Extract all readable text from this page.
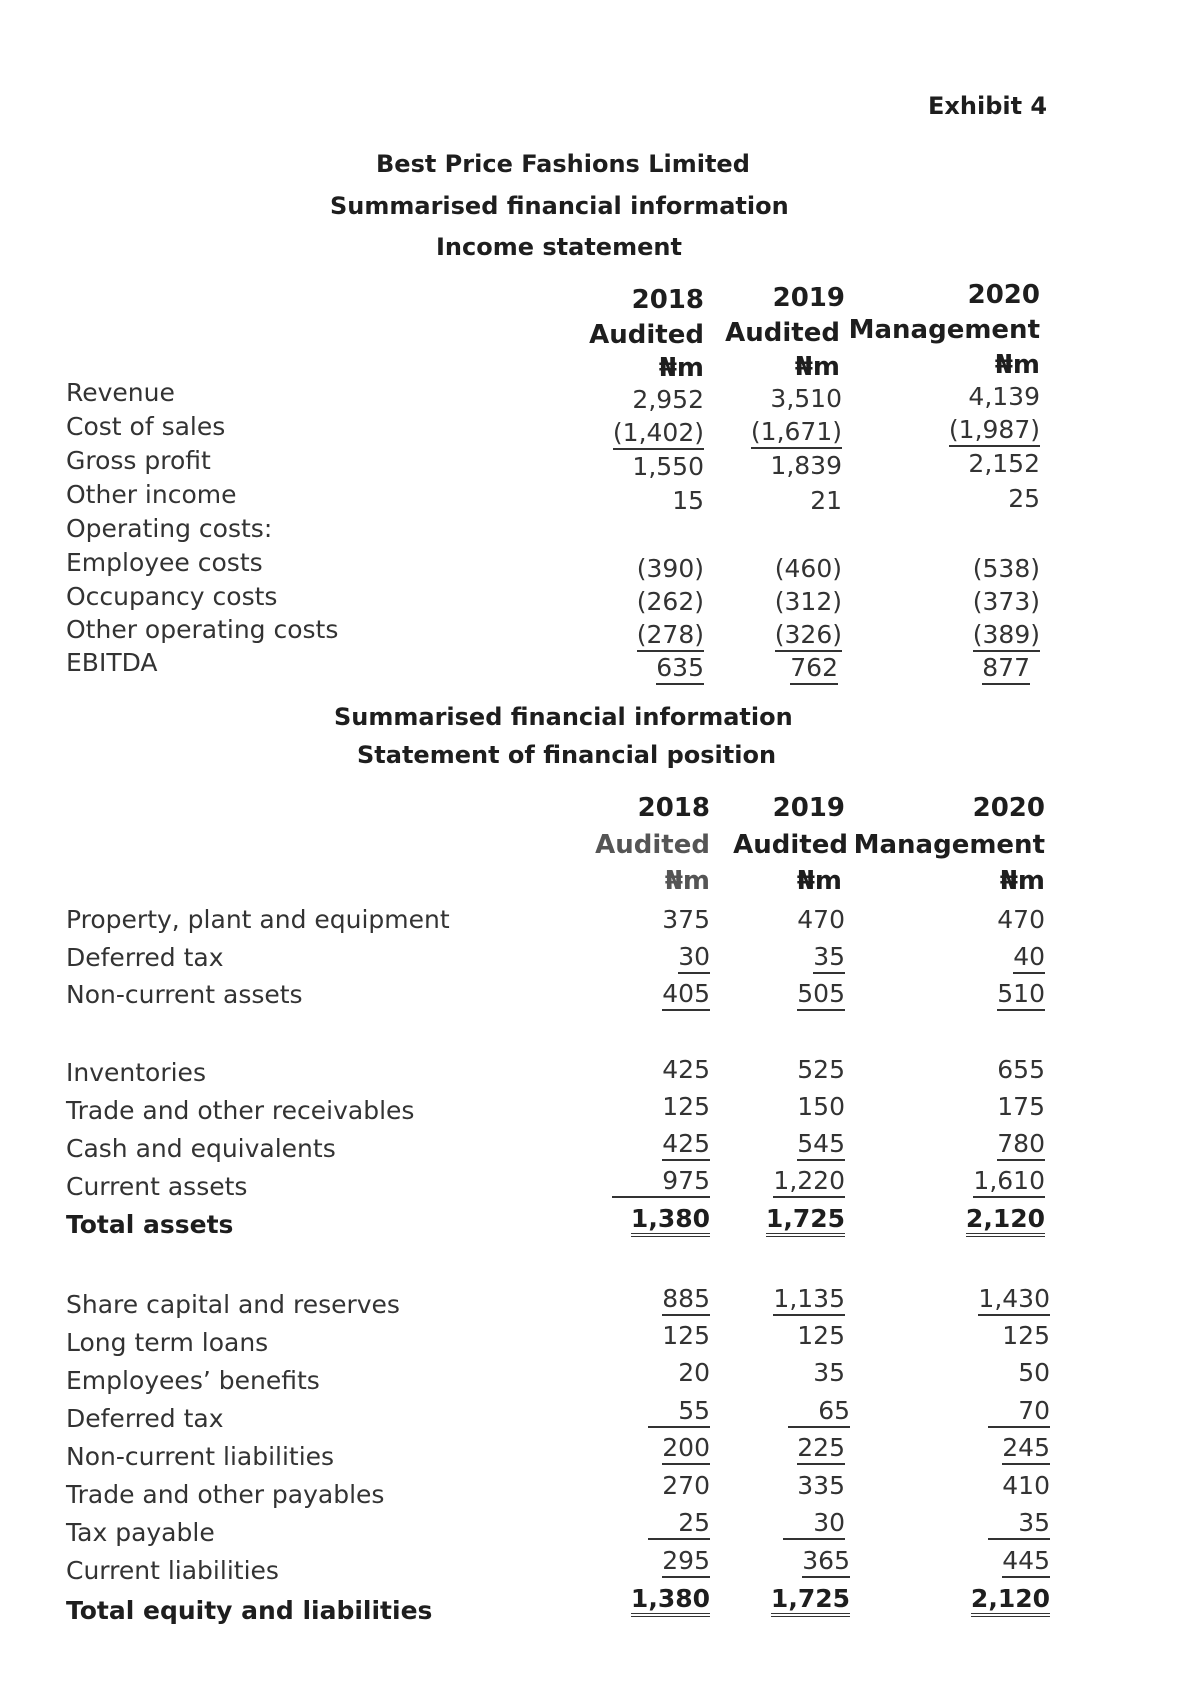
Exhibit 4
Best Price Fashions Limited
Summarised financial information
Income statement
2018	2019	2020
Audited Audited Management
₦m	₦m	₦m
Revenue	2,952	3,510	4,139
Cost of sales	(1,402) (1,671)	(1,987)
Gross profit	1,550	1,839	2,152
Other income	15	21	25
Operating costs:
Employee costs	(390)	(460)	(538)
Occupancy costs	(262)	(312)	(373)
Other operating costs	(278)	(326)	(389)
EBITDA	635	762	877
Summarised financial information
Statement of financial position
2018 2019	2020
Audited Audited Management
₦m	₦m	₦m
Property, plant and equipment	375	470	470
Deferred tax	30	35	40
Non-current assets	405	505	510
Inventories	425	525	655
Trade and other receivables	125	150	175
Cash and equivalents	425	545	780
Current assets	975	1,220	1,610
Total assets	1,380 1,725	2,120
Share capital and reserves	885	1,135	1,430
Long term loans	125	125	125
Employees’ benefits	20	35	50
Deferred tax	55	65	70
Non-current liabilities	200	225	245
Trade and other payables	270	335	410
Tax payable	25	30	35
Current liabilities	295	365	445
Total equity and liabilities	1,380 1,725	2,120
